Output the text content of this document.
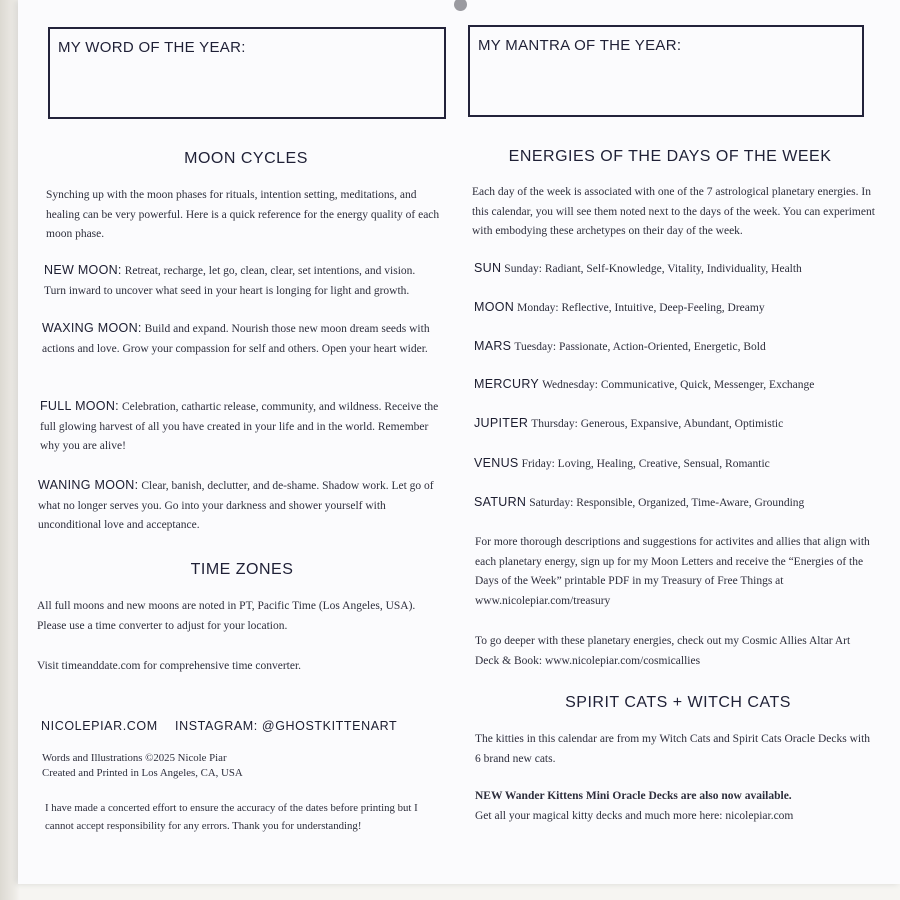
MY WORD OF THE YEAR:	MY MANTRA OF THE YEAR:
MOON CYCLES
Synching up with the moon phases for rituals, intention setting, meditations, and healing can be very powerful. Here is a quick reference for the energy quality of each moon phase.
NEW MOON: Retreat, recharge, let go, clean, clear, set intentions, and vision. Turn inward to uncover what seed in your heart is longing for light and growth.
WAXING MOON: Build and expand. Nourish those new moon dream seeds with actions and love. Grow your compassion for self and others. Open your heart wider.
FULL MOON: Celebration, cathartic release, community, and wildness. Receive the full glowing harvest of all you have created in your life and in the world. Remember why you are alive!
WANING MOON: Clear, banish, declutter, and de-shame. Shadow work. Let go of what no longer serves you. Go into your darkness and shower yourself with unconditional love and acceptance.
TIME ZONES
All full moons and new moons are noted in PT, Pacific Time (Los Angeles, USA). Please use a time converter to adjust for your location.
Visit timeanddate.com for comprehensive time converter.
NICOLEPIAR.COM INSTAGRAM: @GHOSTKITTENART
Words and Illustrations ©2025 Nicole Piar
Created and Printed in Los Angeles, CA, USA
I have made a concerted effort to ensure the accuracy of the dates before printing but I cannot accept responsibility for any errors. Thank you for understanding!
ENERGIES OF THE DAYS OF THE WEEK
Each day of the week is associated with one of the 7 astrological planetary energies. In this calendar, you will see them noted next to the days of the week. You can experiment with embodying these archetypes on their day of the week.
SUN Sunday: Radiant, Self-Knowledge, Vitality, Individuality, Health
MOON Monday: Reflective, Intuitive, Deep-Feeling, Dreamy
MARS Tuesday: Passionate, Action-Oriented, Energetic, Bold
MERCURY Wednesday: Communicative, Quick, Messenger, Exchange
JUPITER Thursday: Generous, Expansive, Abundant, Optimistic
VENUS Friday: Loving, Healing, Creative, Sensual, Romantic
SATURN Saturday: Responsible, Organized, Time-Aware, Grounding
For more thorough descriptions and suggestions for activites and allies that align with each planetary energy, sign up for my Moon Letters and receive the “Energies of the Days of the Week” printable PDF in my Treasury of Free Things at www.nicolepiar.com/treasury
To go deeper with these planetary energies, check out my Cosmic Allies Altar Art Deck & Book: www.nicolepiar.com/cosmicallies
SPIRIT CATS + WITCH CATS
The kitties in this calendar are from my Witch Cats and Spirit Cats Oracle Decks with 6 brand new cats.
NEW Wander Kittens Mini Oracle Decks are also now available.
Get all your magical kitty decks and much more here: nicolepiar.com
